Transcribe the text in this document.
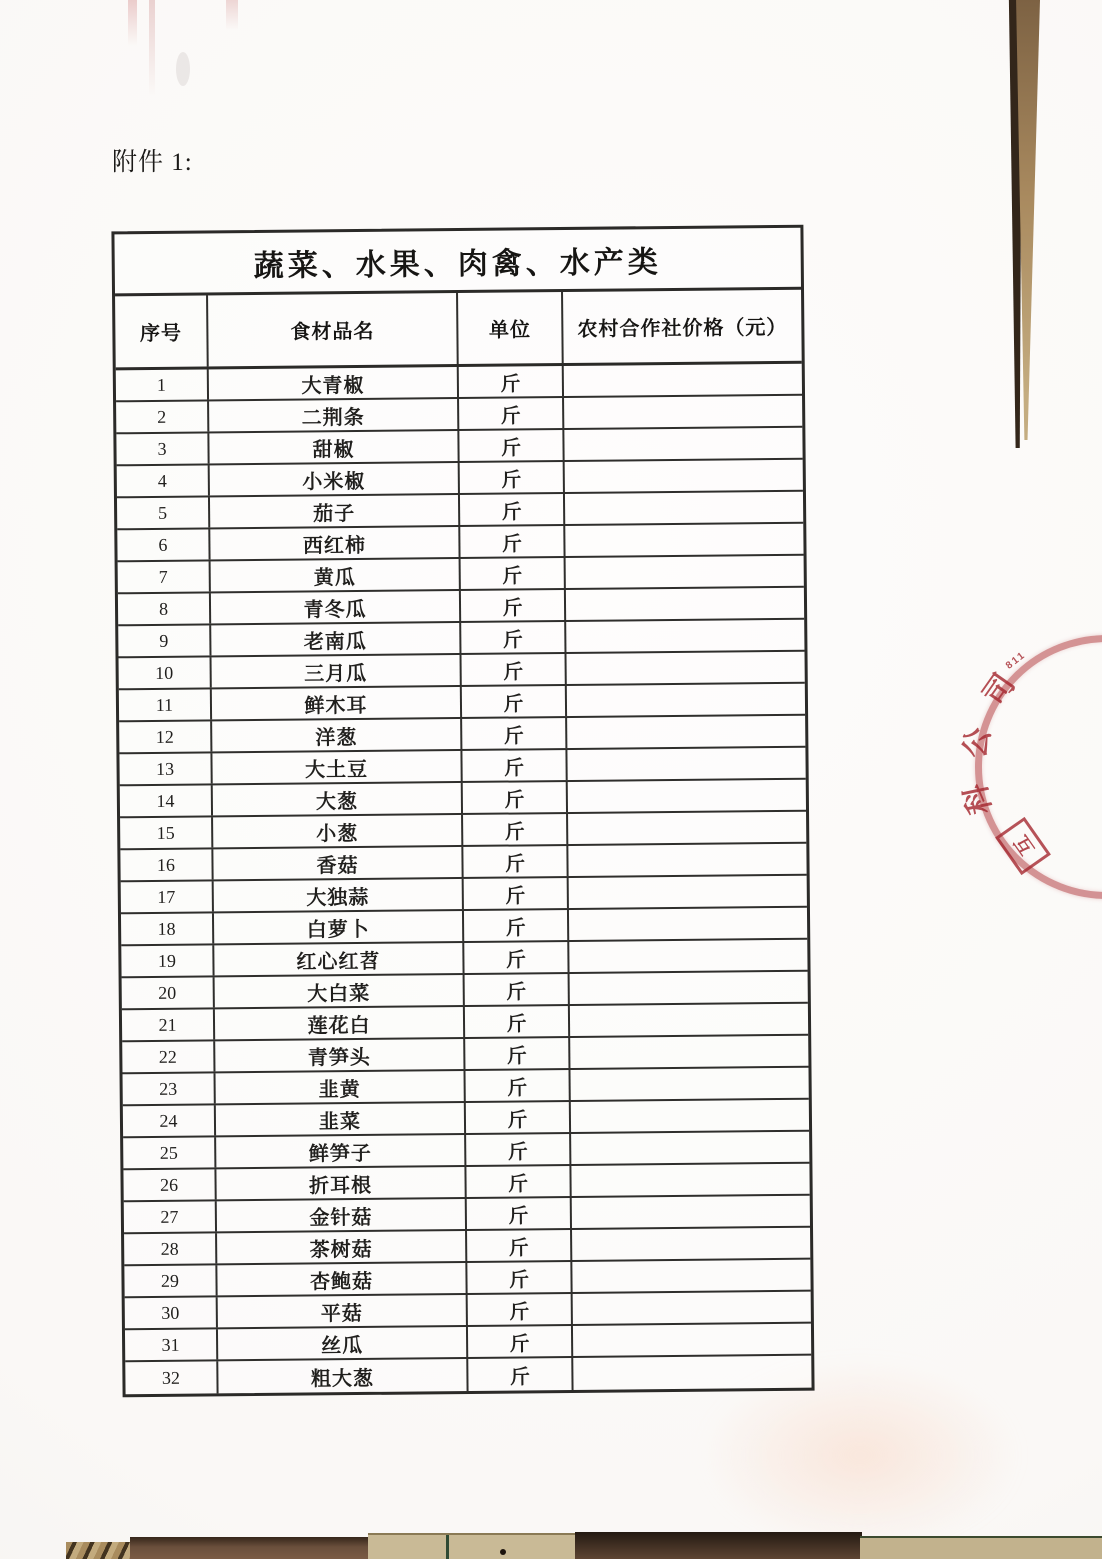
附件 1:
蔬菜、水果、肉禽、水产类
序号	食材品名	单位	农村合作社价格（元）
1	大青椒	斤
2	二荆条	斤
3	甜椒	斤
4	小米椒	斤
5	茄子	斤
6	西红柿	斤
7	黄瓜	斤
8	青冬瓜	斤
9	老南瓜	斤
10	三月瓜	斤
11	鲜木耳	斤
12	洋葱	斤
13	大土豆	斤
14	大葱	斤
15	小葱	斤
16	香菇	斤
17	大独蒜	斤
18	白萝卜	斤
19	红心红苕	斤
20	大白菜	斤
21	莲花白	斤
22	青笋头	斤
23	韭黄	斤
24	韭菜	斤
25	鲜笋子	斤
26	折耳根	斤
27	金针菇	斤
28	茶树菇	斤
29	杏鲍菇	斤
30	平菇	斤
31	丝瓜	斤
32	粗大葱	斤
811
司
公
科
互
